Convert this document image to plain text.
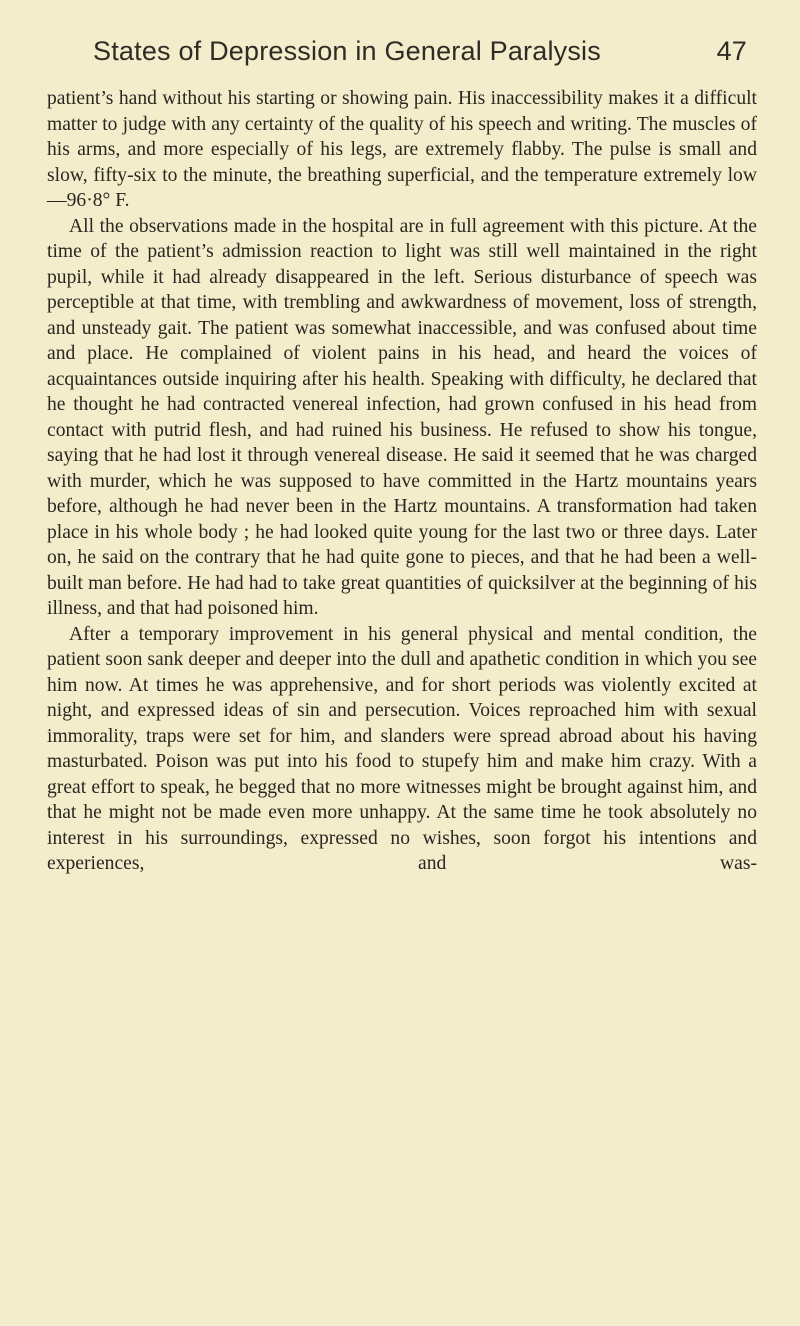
States of Depression in General Paralysis	47

patient’s hand without his starting or showing pain. His inaccessibility makes it a difficult matter to judge with any certainty of the quality of his speech and writing. The muscles of his arms, and more especially of his legs, are extremely flabby. The pulse is small and slow, fifty-six to the minute, the breathing superficial, and the temperature extremely low—96·8° F.

All the observations made in the hospital are in full agreement with this picture. At the time of the patient’s admission reaction to light was still well maintained in the right pupil, while it had already disappeared in the left. Serious disturbance of speech was perceptible at that time, with trembling and awkwardness of movement, loss of strength, and unsteady gait. The patient was somewhat inaccessible, and was confused about time and place. He complained of violent pains in his head, and heard the voices of acquaintances outside inquiring after his health. Speaking with difficulty, he declared that he thought he had contracted venereal infection, had grown confused in his head from contact with putrid flesh, and had ruined his business. He refused to show his tongue, saying that he had lost it through venereal disease. He said it seemed that he was charged with murder, which he was supposed to have committed in the Hartz mountains years before, although he had never been in the Hartz mountains. A transformation had taken place in his whole body ; he had looked quite young for the last two or three days. Later on, he said on the contrary that he had quite gone to pieces, and that he had been a well-built man before. He had had to take great quantities of quicksilver at the beginning of his illness, and that had poisoned him.

After a temporary improvement in his general physical and mental condition, the patient soon sank deeper and deeper into the dull and apathetic condition in which you see him now. At times he was apprehensive, and for short periods was violently excited at night, and expressed ideas of sin and persecution. Voices reproached him with sexual immorality, traps were set for him, and slanders were spread abroad about his having masturbated. Poison was put into his food to stupefy him and make him crazy. With a great effort to speak, he begged that no more witnesses might be brought against him, and that he might not be made even more unhappy. At the same time he took absolutely no interest in his surroundings, expressed no wishes, soon forgot his intentions and experiences, and was-
